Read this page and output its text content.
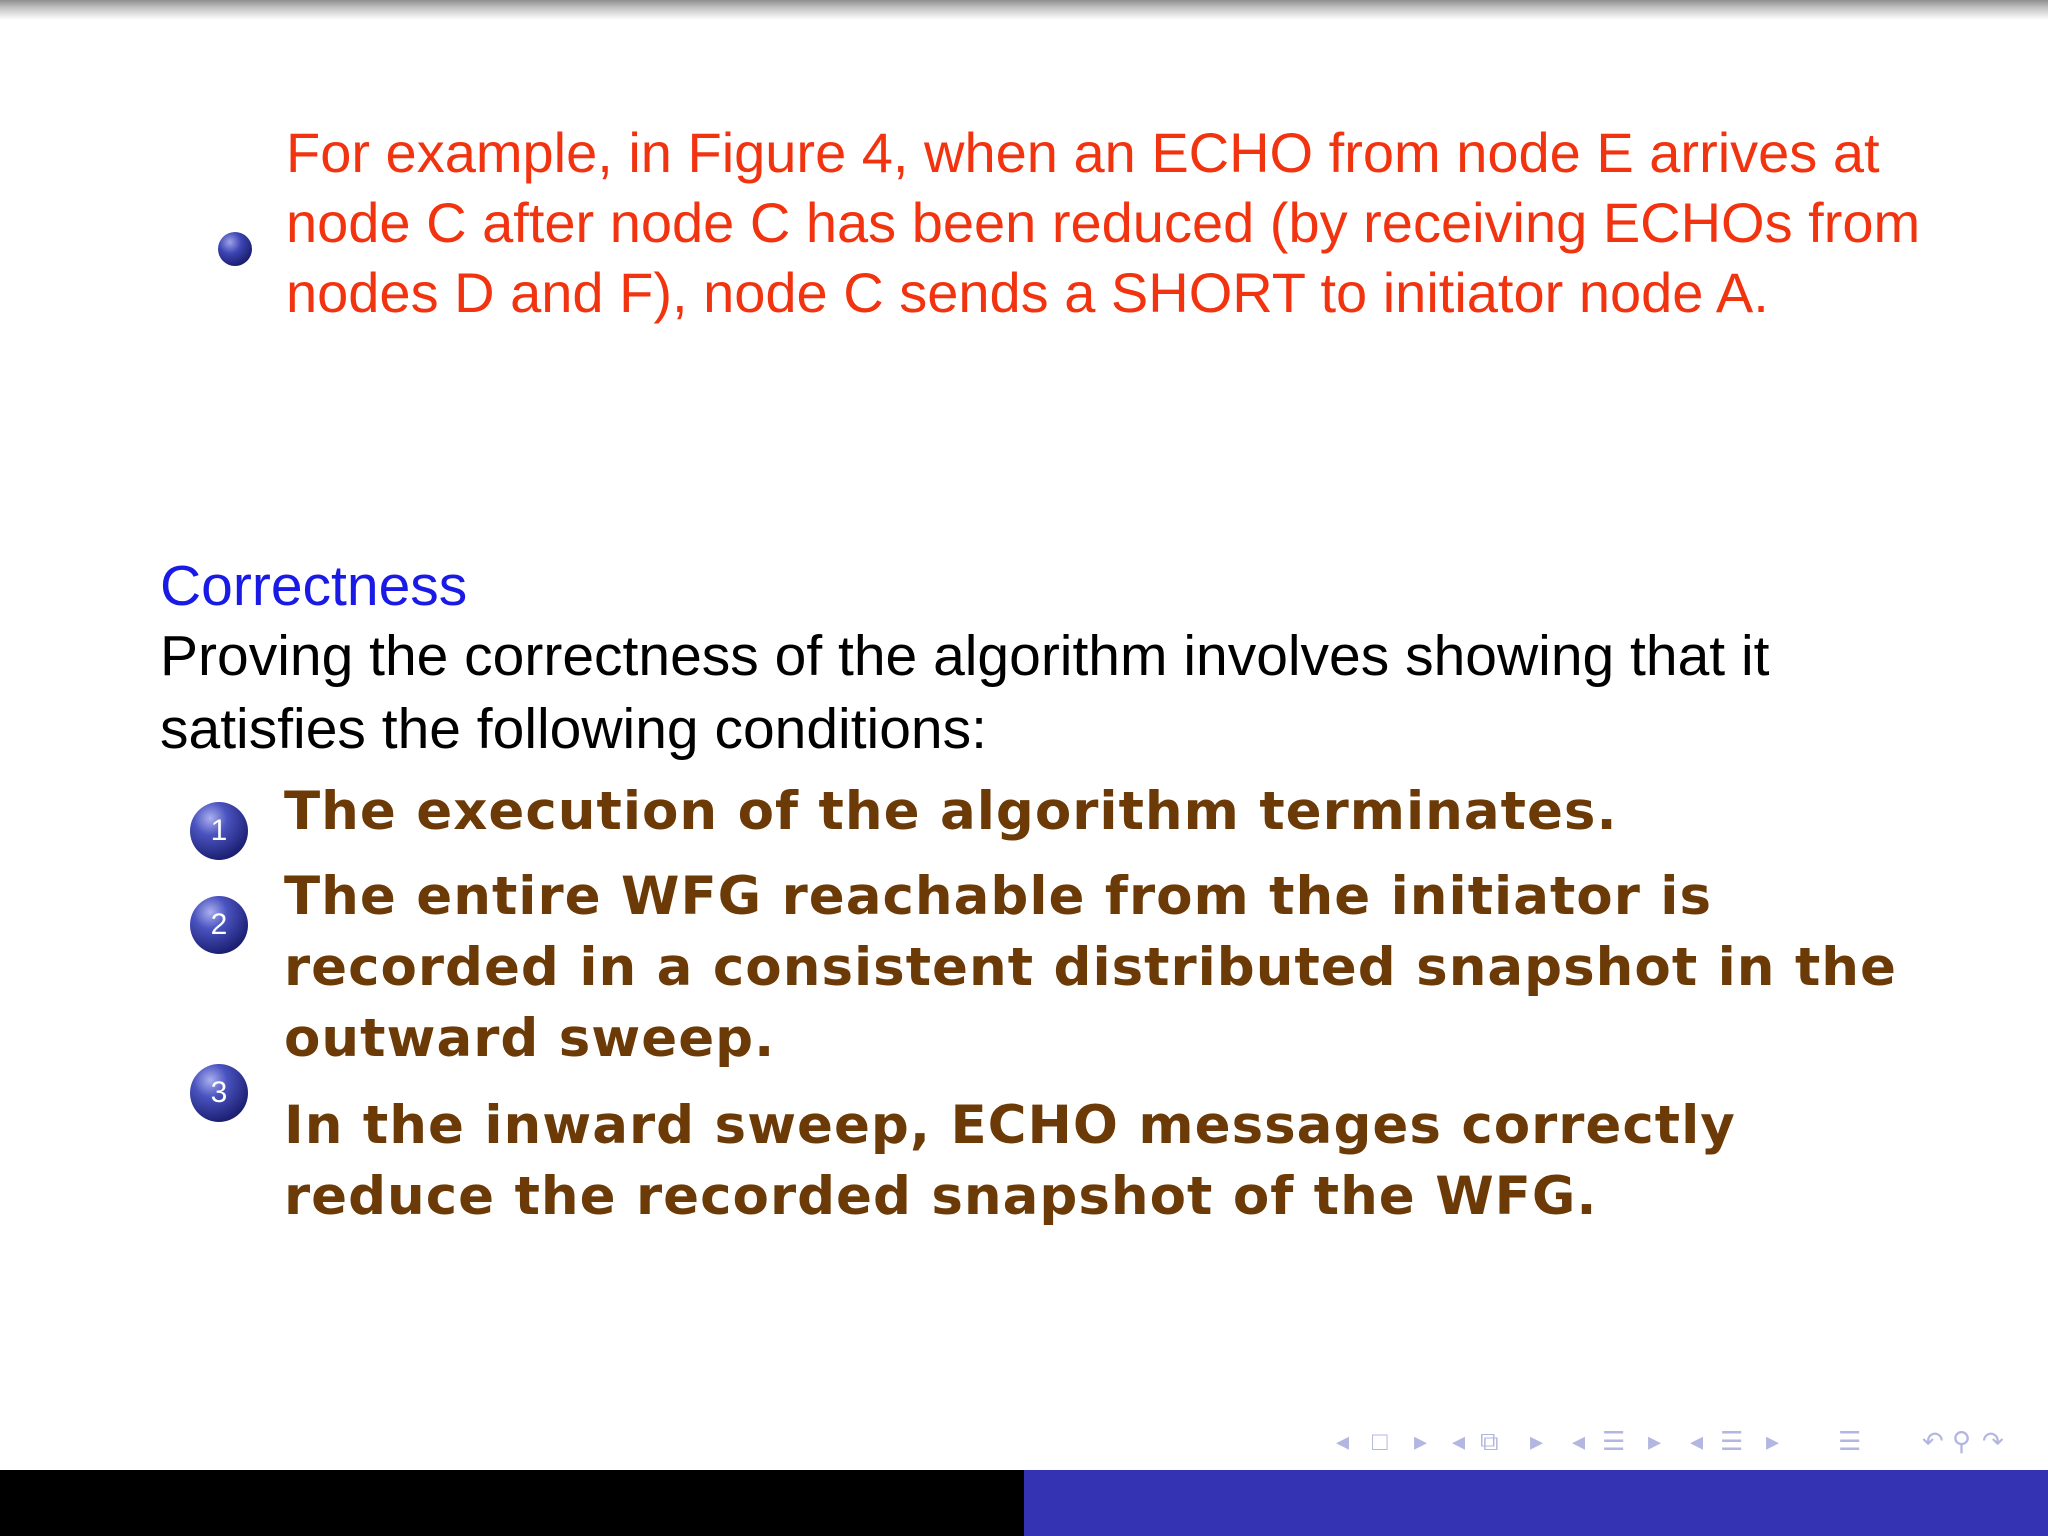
For example, in Figure 4, when an ECHO from node E arrives at
node C after node C has been reduced (by receiving ECHOs from
nodes D and F), node C sends a SHORT to initiator node A.
Correctness
Proving the correctness of the algorithm involves showing that it
satisfies the following conditions:
1	The execution of the algorithm terminates.
2	The entire WFG reachable from the initiator is
recorded in a consistent distributed snapshot in the
outward sweep.
3
In the inward sweep, ECHO messages correctly
reduce the recorded snapshot of the WFG.
◂ □ ▸ ◂ ⧉ ▸ ◂ ☰ ▸ ◂ ☰ ▸ ☰ ↶ ⚲ ↷
